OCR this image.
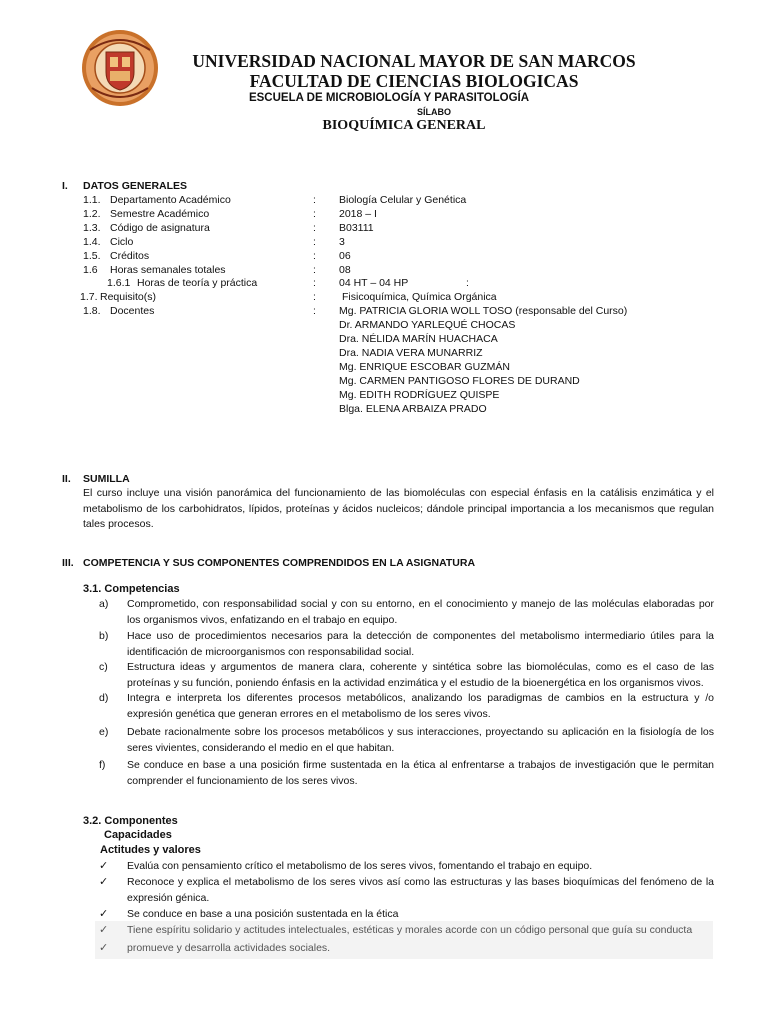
UNIVERSIDAD NACIONAL MAYOR DE SAN MARCOS
FACULTAD DE CIENCIAS BIOLOGICAS
ESCUELA DE MICROBIOLOGÍA Y PARASITOLOGÍA
SÍLABO
BIOQUÍMICA GENERAL
I. DATOS GENERALES
1.1. Departamento Académico	: Biología Celular y Genética
1.2. Semestre Académico	: 2018 – I
1.3. Código de asignatura	: B03111
1.4. Ciclo	: 3
1.5. Créditos	: 06
1.6 Horas semanales totales	: 08
1.6.1 Horas de teoría y práctica	: 04 HT – 04 HP	:
1.7. Requisito(s)	: Fisicoquímica, Química Orgánica
1.8. Docentes	: Mg. PATRICIA GLORIA WOLL TOSO (responsable del Curso)
Dr. ARMANDO YARLEQUÉ CHOCAS
Dra. NÉLIDA MARÍN HUACHACA
Dra. NADIA VERA MUNARRIZ
Mg. ENRIQUE ESCOBAR GUZMÁN
Mg. CARMEN PANTIGOSO FLORES DE DURAND
Mg. EDITH RODRÍGUEZ QUISPE
Blga. ELENA ARBAIZA PRADO
II. SUMILLA
El curso incluye una visión panorámica del funcionamiento de las biomoléculas con especial énfasis en la catálisis enzimática y el metabolismo de los carbohidratos, lípidos, proteínas y ácidos nucleicos; dándole principal importancia a los mecanismos que regulan tales procesos.
III. COMPETENCIA Y SUS COMPONENTES COMPRENDIDOS EN LA ASIGNATURA
3.1. Competencias
a) Comprometido, con responsabilidad social y con su entorno, en el conocimiento y manejo de las moléculas elaboradas por los organismos vivos, enfatizando en el trabajo en equipo.
b) Hace uso de procedimientos necesarios para la detección de componentes del metabolismo intermediario útiles para la identificación de microorganismos con responsabilidad social.
c) Estructura ideas y argumentos de manera clara, coherente y sintética sobre las biomoléculas, como es el caso de las proteínas y su función, poniendo énfasis en la actividad enzimática y el estudio de la bioenergética en los organismos vivos.
d) Integra e interpreta los diferentes procesos metabólicos, analizando los paradigmas de cambios en la estructura y /o expresión genética que generan errores en el metabolismo de los seres vivos.
e) Debate racionalmente sobre los procesos metabólicos y sus interacciones, proyectando su aplicación en la fisiología de los seres vivientes, considerando el medio en el que habitan.
f) Se conduce en base a una posición firme sustentada en la ética al enfrentarse a trabajos de investigación que le permitan comprender el funcionamiento de los seres vivos.
3.2. Componentes
Capacidades
Actitudes y valores
✓ Evalúa con pensamiento crítico el metabolismo de los seres vivos, fomentando el trabajo en equipo.
✓ Reconoce y explica el metabolismo de los seres vivos así como las estructuras y las bases bioquímicas del fenómeno de la expresión génica.
✓ Se conduce en base a una posición sustentada en la ética
✓ Tiene espíritu solidario y actitudes intelectuales, estéticas y morales acorde con un código personal que guía su conducta
✓ promueve y desarrolla actividades sociales.
